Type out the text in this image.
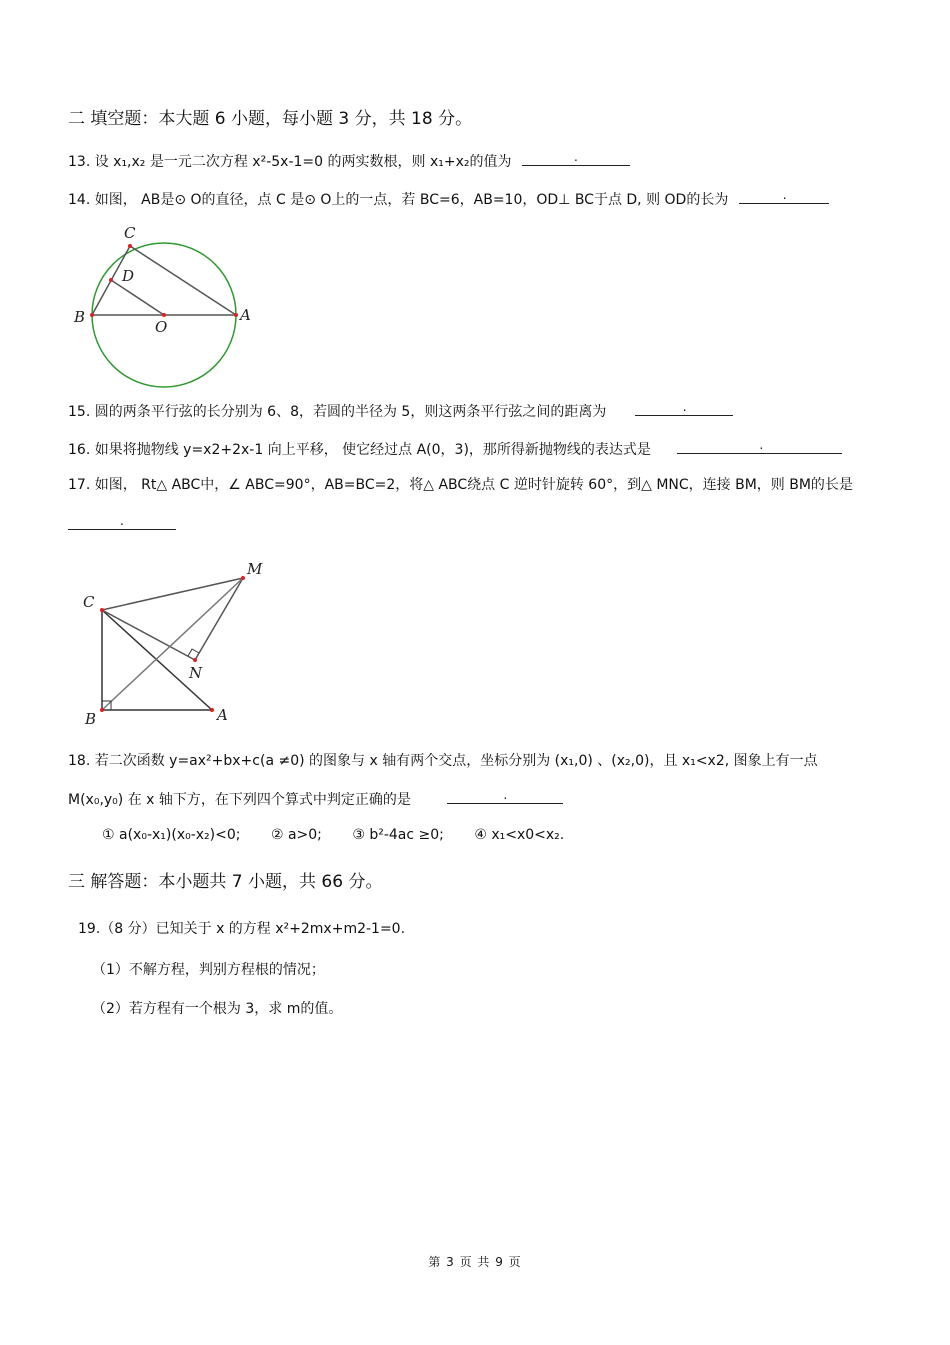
二 填空题：本大题 6 小题，每小题 3 分，共 18 分。
13. 设 x₁,x₂ 是一元二次方程 x²-5x-1=0 的两实数根，则 x₁+x₂的值为	.
14. 如图， AB是⊙ O的直径，点 C 是⊙ O上的一点，若 BC=6，AB=10，OD⊥ BC于点 D, 则 OD的长为	.
C
D
B
O
A
15. 圆的两条平行弦的长分别为 6、8，若圆的半径为 5，则这两条平行弦之间的距离为	.
16. 如果将抛物线 y=x2+2x-1 向上平移， 使它经过点 A(0，3)，那所得新抛物线的表达式是	.
17. 如图， Rt△ ABC中，∠ ABC=90°，AB=BC=2，将△ ABC绕点 C 逆时针旋转 60°，到△ MNC，连接 BM，则 BM的长是
.
M
C
N
B	A
18. 若二次函数 y=ax²+bx+c(a ≠0) 的图象与 x 轴有两个交点，坐标分别为 (x₁,0) 、(x₂,0)，且 x₁<x2, 图象上有一点
M(x₀,y₀) 在 x 轴下方，在下列四个算式中判定正确的是	.
① a(x₀-x₁)(x₀-x₂)<0; ② a>0; ③ b²-4ac ≥0; ④ x₁<x0<x₂.
三 解答题：本小题共 7 小题，共 66 分。
19.（8 分）已知关于 x 的方程 x²+2mx+m2-1=0.
（1）不解方程，判别方程根的情况；
（2）若方程有一个根为 3，求 m的值。
第 3 页 共 9 页
